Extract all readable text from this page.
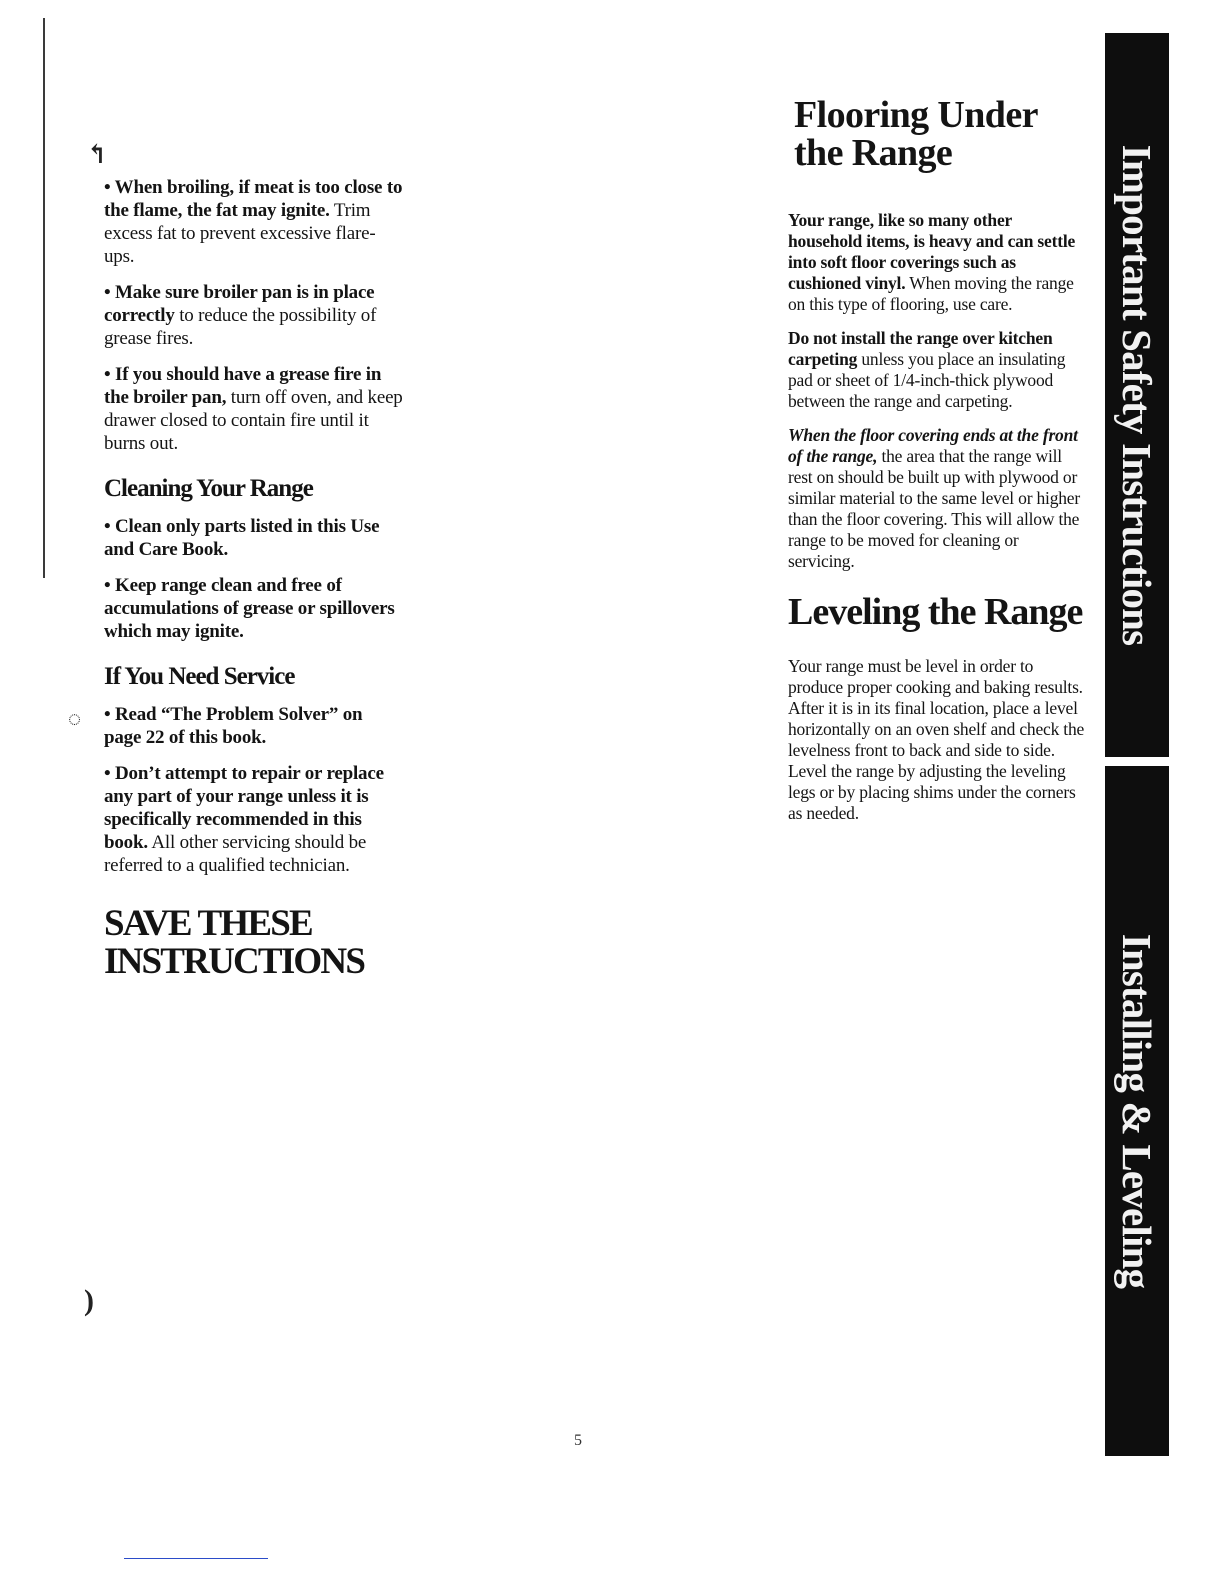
↰
◌
)

• When broiling, if meat is too close to the flame, the fat may ignite. Trim excess fat to prevent excessive flare-ups.

• Make sure broiler pan is in place correctly to reduce the possibility of grease fires.

• If you should have a grease fire in the broiler pan, turn off oven, and keep drawer closed to contain fire until it burns out.

Cleaning Your Range

• Clean only parts listed in this Use and Care Book.

• Keep range clean and free of accumulations of grease or spillovers which may ignite.

If You Need Service

• Read “The Problem Solver” on page 22 of this book.

• Don’t attempt to repair or replace any part of your range unless it is specifically recommended in this book. All other servicing should be referred to a qualified technician.

SAVE THESE
INSTRUCTIONS
Flooring Under
the Range

Your range, like so many other household items, is heavy and can settle into soft floor coverings such as cushioned vinyl. When moving the range on this type of flooring, use care.

Do not install the range over kitchen carpeting unless you place an insulating pad or sheet of 1/4-inch-thick plywood between the range and carpeting.

When the floor covering ends at the front of the range, the area that the range will rest on should be built up with plywood or similar material to the same level or higher than the floor covering. This will allow the range to be moved for cleaning or servicing.

Leveling the Range

Your range must be level in order to produce proper cooking and baking results. After it is in its final location, place a level horizontally on an oven shelf and check the levelness front to back and side to side. Level the range by adjusting the leveling legs or by placing shims under the corners as needed.

Important Safety Instructions
Installing & Leveling
5
